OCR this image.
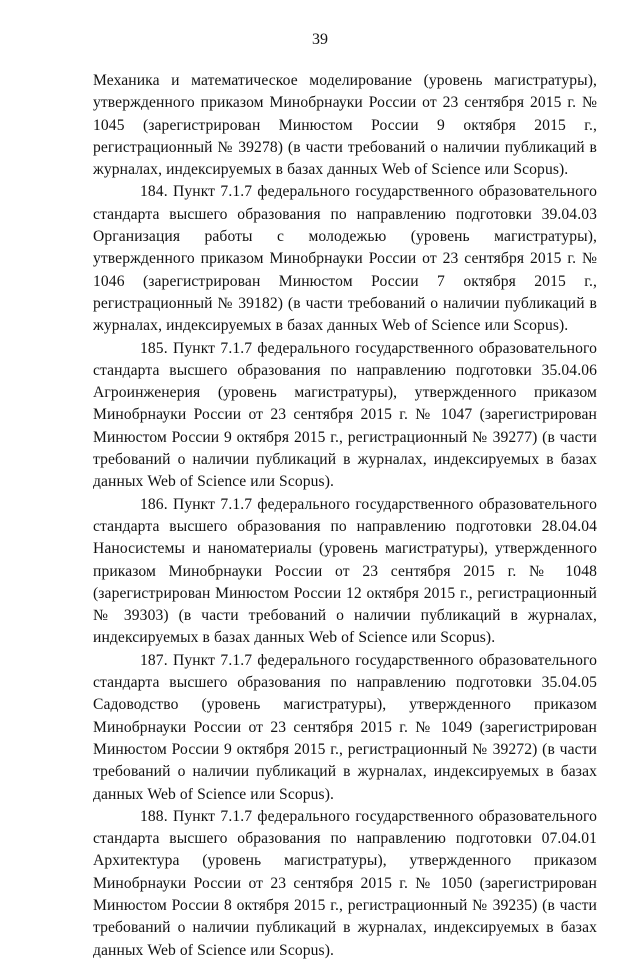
39

Механика и математическое моделирование (уровень магистратуры), утвержденного приказом Минобрнауки России от 23 сентября 2015 г. № 1045 (зарегистрирован Минюстом России 9 октября 2015 г., регистрационный № 39278) (в части требований о наличии публикаций в журналах, индексируемых в базах данных Web of Science или Scopus).

184. Пункт 7.1.7 федерального государственного образовательного стандарта высшего образования по направлению подготовки 39.04.03 Организация работы с молодежью (уровень магистратуры), утвержденного приказом Минобрнауки России от 23 сентября 2015 г. № 1046 (зарегистрирован Минюстом России 7 октября 2015 г., регистрационный № 39182) (в части требований о наличии публикаций в журналах, индексируемых в базах данных Web of Science или Scopus).

185. Пункт 7.1.7 федерального государственного образовательного стандарта высшего образования по направлению подготовки 35.04.06 Агроинженерия (уровень магистратуры), утвержденного приказом Минобрнауки России от 23 сентября 2015 г. № 1047 (зарегистрирован Минюстом России 9 октября 2015 г., регистрационный № 39277) (в части требований о наличии публикаций в журналах, индексируемых в базах данных Web of Science или Scopus).

186. Пункт 7.1.7 федерального государственного образовательного стандарта высшего образования по направлению подготовки 28.04.04 Наносистемы и наноматериалы (уровень магистратуры), утвержденного приказом Минобрнауки России от 23 сентября 2015 г. № 1048 (зарегистрирован Минюстом России 12 октября 2015 г., регистрационный № 39303) (в части требований о наличии публикаций в журналах, индексируемых в базах данных Web of Science или Scopus).

187. Пункт 7.1.7 федерального государственного образовательного стандарта высшего образования по направлению подготовки 35.04.05 Садоводство (уровень магистратуры), утвержденного приказом Минобрнауки России от 23 сентября 2015 г. № 1049 (зарегистрирован Минюстом России 9 октября 2015 г., регистрационный № 39272) (в части требований о наличии публикаций в журналах, индексируемых в базах данных Web of Science или Scopus).

188. Пункт 7.1.7 федерального государственного образовательного стандарта высшего образования по направлению подготовки 07.04.01 Архитектура (уровень магистратуры), утвержденного приказом Минобрнауки России от 23 сентября 2015 г. № 1050 (зарегистрирован Минюстом России 8 октября 2015 г., регистрационный № 39235) (в части требований о наличии публикаций в журналах, индексируемых в базах данных Web of Science или Scopus).
